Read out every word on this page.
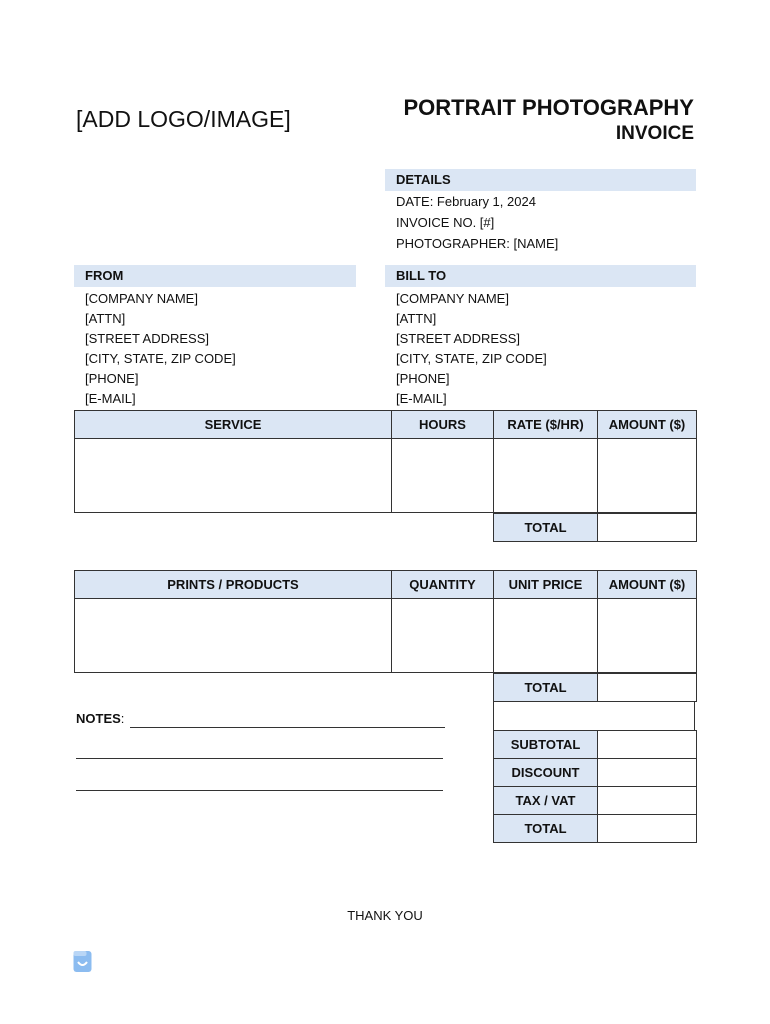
[ADD LOGO/IMAGE]	PORTRAIT PHOTOGRAPHY
INVOICE
DETAILS
DATE: February 1, 2024
INVOICE NO. [#]
PHOTOGRAPHER: [NAME]
FROM
[COMPANY NAME]
[ATTN]
[STREET ADDRESS]
[CITY, STATE, ZIP CODE]
[PHONE]
[E-MAIL]
BILL TO
[COMPANY NAME]
[ATTN]
[STREET ADDRESS]
[CITY, STATE, ZIP CODE]
[PHONE]
[E-MAIL]
SERVICE	HOURS	RATE ($/HR)	AMOUNT ($)

TOTAL	
PRINTS / PRODUCTS	QUANTITY	UNIT PRICE	AMOUNT ($)

TOTAL	
SUBTOTAL	
DISCOUNT	
TAX / VAT	
TOTAL	
NOTES:
THANK YOU
